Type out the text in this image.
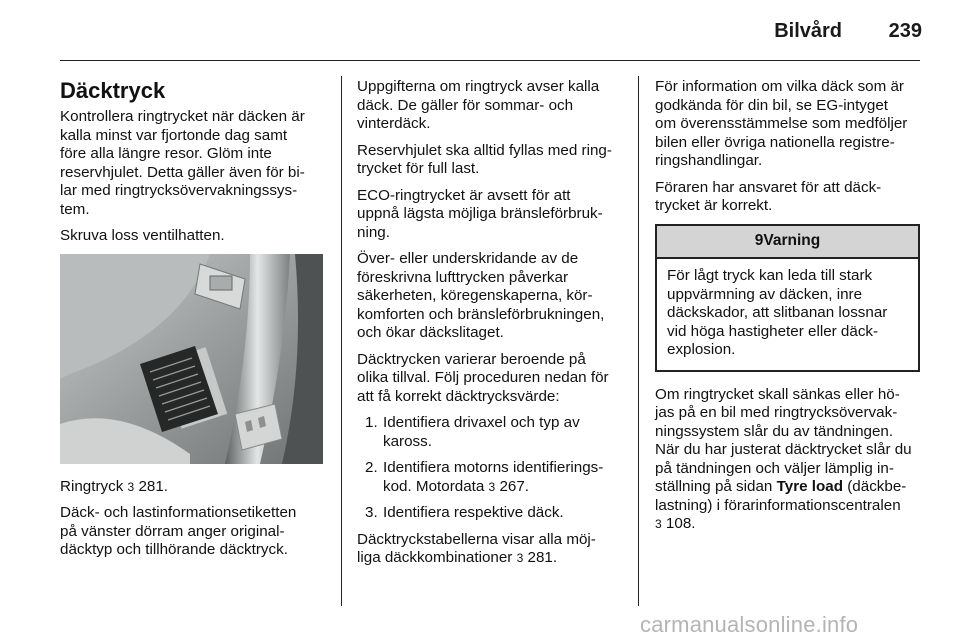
Bilvård	239
Däcktryck

Kontrollera ringtrycket när däcken är
kalla minst var fjortonde dag samt
före alla längre resor. Glöm inte
reservhjulet. Detta gäller även för bi-
lar med ringtrycksövervakningssys-
tem.

Skruva loss ventilhatten.

Ringtryck 3 281.

Däck- och lastinformationsetiketten
på vänster dörram anger original-
däcktyp och tillhörande däcktryck.

Uppgifterna om ringtryck avser kalla
däck. De gäller för sommar- och
vinterdäck.

Reservhjulet ska alltid fyllas med ring-
trycket för full last.

ECO-ringtrycket är avsett för att
uppnå lägsta möjliga bränsleförbruk-
ning.

Över- eller underskridande av de
föreskrivna lufttrycken påverkar
säkerheten, köregenskaperna, kör-
komforten och bränsleförbrukningen,
och ökar däckslitaget.

Däcktrycken varierar beroende på
olika tillval. Följ proceduren nedan för
att få korrekt däcktrycksvärde:

1. Identifiera drivaxel och typ av
kaross.
2. Identifiera motorns identifierings-
kod. Motordata 3 267.
3. Identifiera respektive däck.

Däcktryckstabellerna visar alla möj-
liga däckkombinationer 3 281.

För information om vilka däck som är
godkända för din bil, se EG-intyget
om överensstämmelse som medföljer
bilen eller övriga nationella registre-
ringshandlingar.

Föraren har ansvaret för att däck-
trycket är korrekt.

9Varning
För lågt tryck kan leda till stark
uppvärmning av däcken, inre
däckskador, att slitbanan lossnar
vid höga hastigheter eller däck-
explosion.

Om ringtrycket skall sänkas eller hö-
jas på en bil med ringtrycksövervak-
ningssystem slår du av tändningen.
När du har justerat däcktrycket slår du
på tändningen och väljer lämplig in-
ställning på sidan Tyre load (däckbe-
lastning) i förarinformationscentralen
3 108.

carmanualsonline.info
